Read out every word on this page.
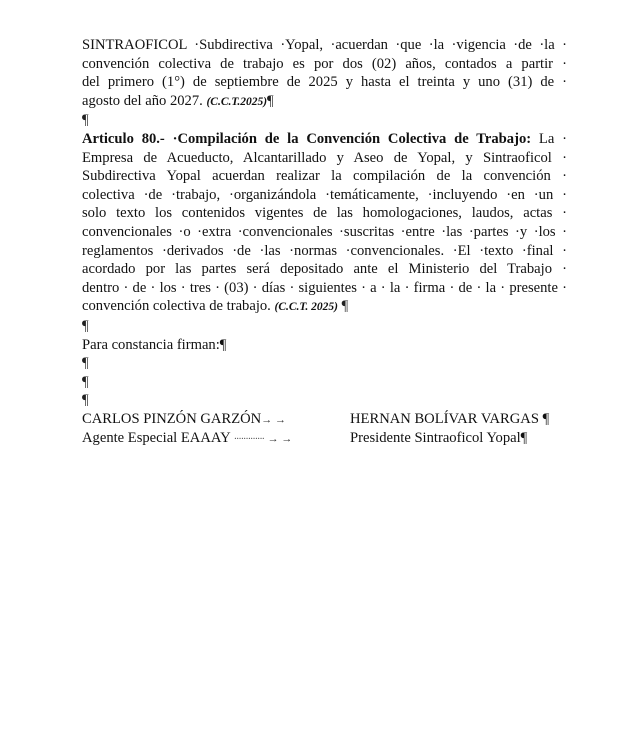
SINTRAOFICOL ·Subdirectiva ·Yopal, ·acuerdan ·que ·la ·vigencia ·de ·la ·
convención colectiva de trabajo es por dos (02) años, contados a partir ·
del primero (1°) de septiembre de 2025 y hasta el treinta y uno (31) de ·
agosto del año 2027. (C.C.T.2025)¶

¶

Articulo 80.- ·Compilación de la Convención Colectiva de Trabajo: La ·
Empresa de Acueducto, Alcantarillado y Aseo de Yopal, y Sintraoficol ·
Subdirectiva Yopal acuerdan realizar la compilación de la convención ·
colectiva ·de ·trabajo, ·organizándola ·temáticamente, ·incluyendo ·en ·un ·
solo texto los contenidos vigentes de las homologaciones, laudos, actas ·
convencionales ·o ·extra ·convencionales ·suscritas ·entre ·las ·partes ·y ·los ·
reglamentos ·derivados ·de ·las ·normas ·convencionales. ·El ·texto ·final ·
acordado por las partes será depositado ante el Ministerio del Trabajo ·
dentro · de · los · tres · (03) · días · siguientes · a · la · firma · de · la · presente ·
convención colectiva de trabajo. (C.C.T. 2025) ¶

¶

Para constancia firman:¶

¶

¶

¶

CARLOS PINZÓN GARZÓN→ →	HERNAN BOLÍVAR VARGAS ¶
Agente Especial EAAAY ············· → →	Presidente Sintraoficol Yopal¶
